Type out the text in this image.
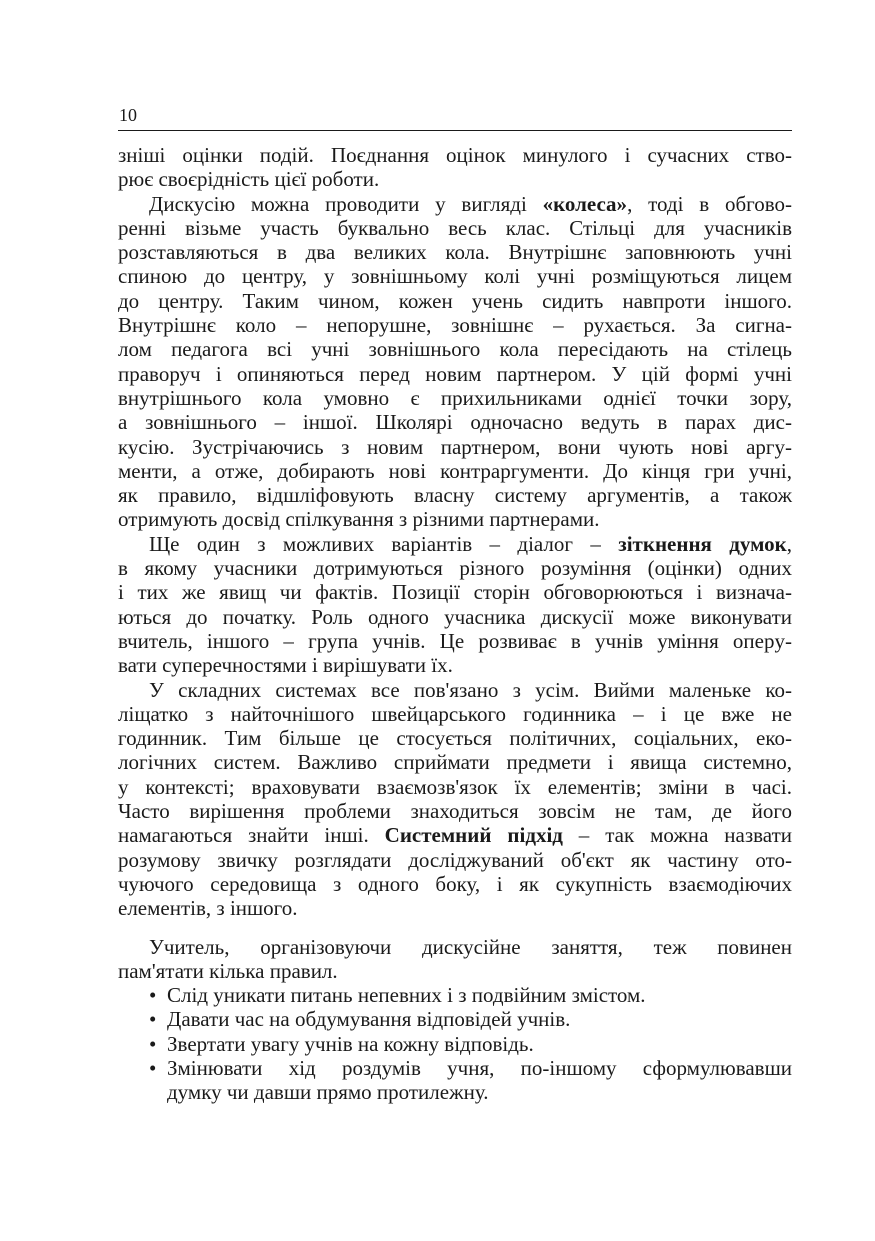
10
зніші оцінки подій. Поєднання оцінок минулого і сучасних ство-
рює своєрідність цієї роботи.
Дискусію можна проводити у вигляді «колеса», тоді в обгово-
ренні візьме участь буквально весь клас. Стільці для учасників
розставляються в два великих кола. Внутрішнє заповнюють учні
спиною до центру, у зовнішньому колі учні розміщуються лицем
до центру. Таким чином, кожен учень сидить навпроти іншого.
Внутрішнє коло – непорушне, зовнішнє – рухається. За сигна-
лом педагога всі учні зовнішнього кола пересідають на стілець
праворуч і опиняються перед новим партнером. У цій формі учні
внутрішнього кола умовно є прихильниками однієї точки зору,
а зовнішнього – іншої. Школярі одночасно ведуть в парах дис-
кусію. Зустрічаючись з новим партнером, вони чують нові аргу-
менти, а отже, добирають нові контраргументи. До кінця гри учні,
як правило, відшліфовують власну систему аргументів, а також
отримують досвід спілкування з різними партнерами.
Ще один з можливих варіантів – діалог – зіткнення думок,
в якому учасники дотримуються різного розуміння (оцінки) одних
і тих же явищ чи фактів. Позиції сторін обговорюються і визнача-
ються до початку. Роль одного учасника дискусії може виконувати
вчитель, іншого – група учнів. Це розвиває в учнів уміння опеpу-
вати суперечностями і вирішувати їх.
У складних системах все пов'язано з усім. Вийми маленьке ко-
ліщатко з найточнішого швейцарського годинника – і це вже не
годинник. Тим більше це стосується політичних, соціальних, еко-
логічних систем. Важливо сприймати предмети і явища системно,
у контексті; враховувати взаємозв'язок їх елементів; зміни в часі.
Часто вирішення проблеми знаходиться зовсім не там, де його
намагаються знайти інші. Системний підхід – так можна назвати
розумову звичку розглядати досліджуваний об'єкт як частину ото-
чуючого середовища з одного боку, і як сукупність взаємодіючих
елементів, з іншого.
Учитель, організовуючи дискусійне заняття, теж повинен
пам'ятати кілька правил.
• Слід уникати питань непевних і з подвійним змістом.
• Давати час на обдумування відповідей учнів.
• Звертати увагу учнів на кожну відповідь.
• Змінювати хід роздумів учня, по-іншому сформулювавши
думку чи давши прямо протилежну.
